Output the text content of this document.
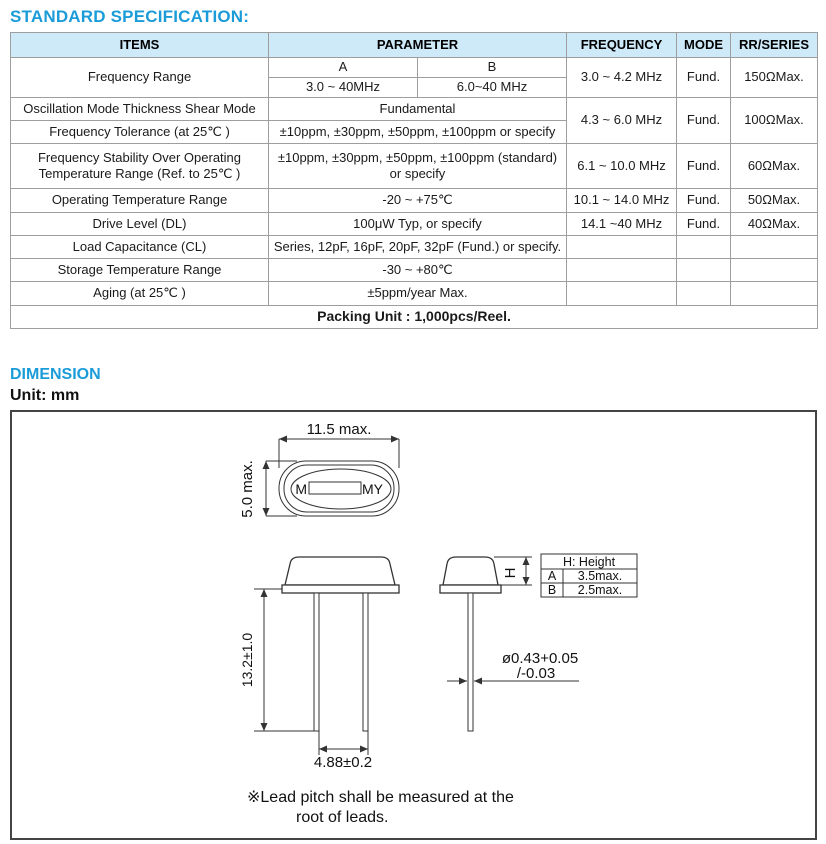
STANDARD SPECIFICATION:
ITEMS	PARAMETER		FREQUENCY	MODE	RR/SERIES
Frequency Range	A	B	3.0 ~ 4.2 MHz	Fund.	150ΩMax.
	3.0 ~ 40MHz	6.0~40 MHz			
Oscillation Mode Thickness Shear Mode	Fundamental		4.3 ~ 6.0 MHz	Fund.	100ΩMax.
Frequency Tolerance (at 25℃ )	±10ppm, ±30ppm, ±50ppm, ±100ppm or specify				
Frequency Stability Over Operating Temperature Range (Ref. to 25℃ )	±10ppm, ±30ppm, ±50ppm, ±100ppm (standard) or specify		6.1 ~ 10.0 MHz	Fund.	60ΩMax.
Operating Temperature Range	-20 ~ +75℃		10.1 ~ 14.0 MHz	Fund.	50ΩMax.
Drive Level (DL)	100μW Typ, or specify		14.1 ~40 MHz	Fund.	40ΩMax.
Load Capacitance (CL)	Series, 12pF, 16pF, 20pF, 32pF (Fund.) or specify.				
Storage Temperature Range	-30 ~ +80℃				
Aging (at 25℃ )	±5ppm/year Max.				
Packing Unit : 1,000pcs/Reel.					
DIMENSION
Unit: mm
M	MY
11.5 max.
5.0 max.
13.2±1.0
4.88±0.2
H
H: Height
A 3.5max.
B 2.5max.
ø0.43+0.05
/-0.03
※Lead pitch shall be measured at the
root of leads.
